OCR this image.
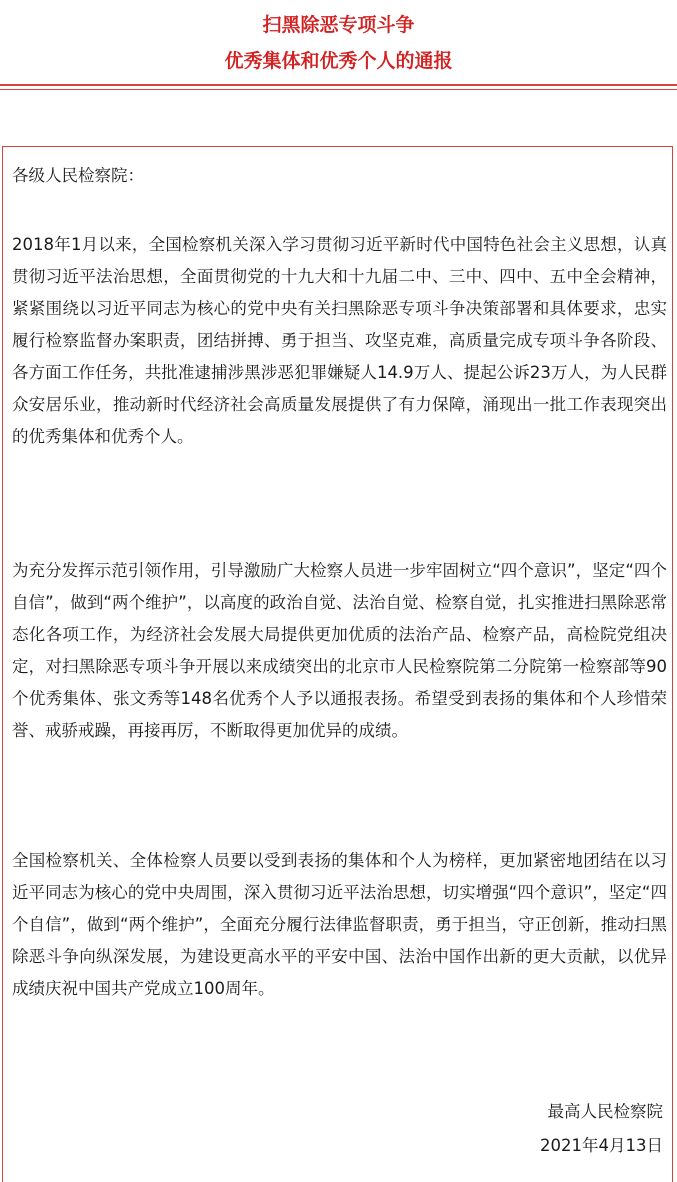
扫黑除恶专项斗争
优秀集体和优秀个人的通报

各级人民检察院：

2018年1月以来，全国检察机关深入学习贯彻习近平新时代中国特色社会主义思想，认真贯彻习近平法治思想，全面贯彻党的十九大和十九届二中、三中、四中、五中全会精神，紧紧围绕以习近平同志为核心的党中央有关扫黑除恶专项斗争决策部署和具体要求，忠实履行检察监督办案职责，团结拼搏、勇于担当、攻坚克难，高质量完成专项斗争各阶段、各方面工作任务，共批准逮捕涉黑涉恶犯罪嫌疑人14.9万人、提起公诉23万人，为人民群众安居乐业，推动新时代经济社会高质量发展提供了有力保障，涌现出一批工作表现突出的优秀集体和优秀个人。

为充分发挥示范引领作用，引导激励广大检察人员进一步牢固树立“四个意识”，坚定“四个自信”，做到“两个维护”，以高度的政治自觉、法治自觉、检察自觉，扎实推进扫黑除恶常态化各项工作，为经济社会发展大局提供更加优质的法治产品、检察产品，高检院党组决定，对扫黑除恶专项斗争开展以来成绩突出的北京市人民检察院第二分院第一检察部等90个优秀集体、张文秀等148名优秀个人予以通报表扬。希望受到表扬的集体和个人珍惜荣誉、戒骄戒躁，再接再厉，不断取得更加优异的成绩。

全国检察机关、全体检察人员要以受到表扬的集体和个人为榜样，更加紧密地团结在以习近平同志为核心的党中央周围，深入贯彻习近平法治思想，切实增强“四个意识”，坚定“四个自信”，做到“两个维护”，全面充分履行法律监督职责，勇于担当，守正创新，推动扫黑除恶斗争向纵深发展，为建设更高水平的平安中国、法治中国作出新的更大贡献，以优异成绩庆祝中国共产党成立100周年。

最高人民检察院
2021年4月13日
